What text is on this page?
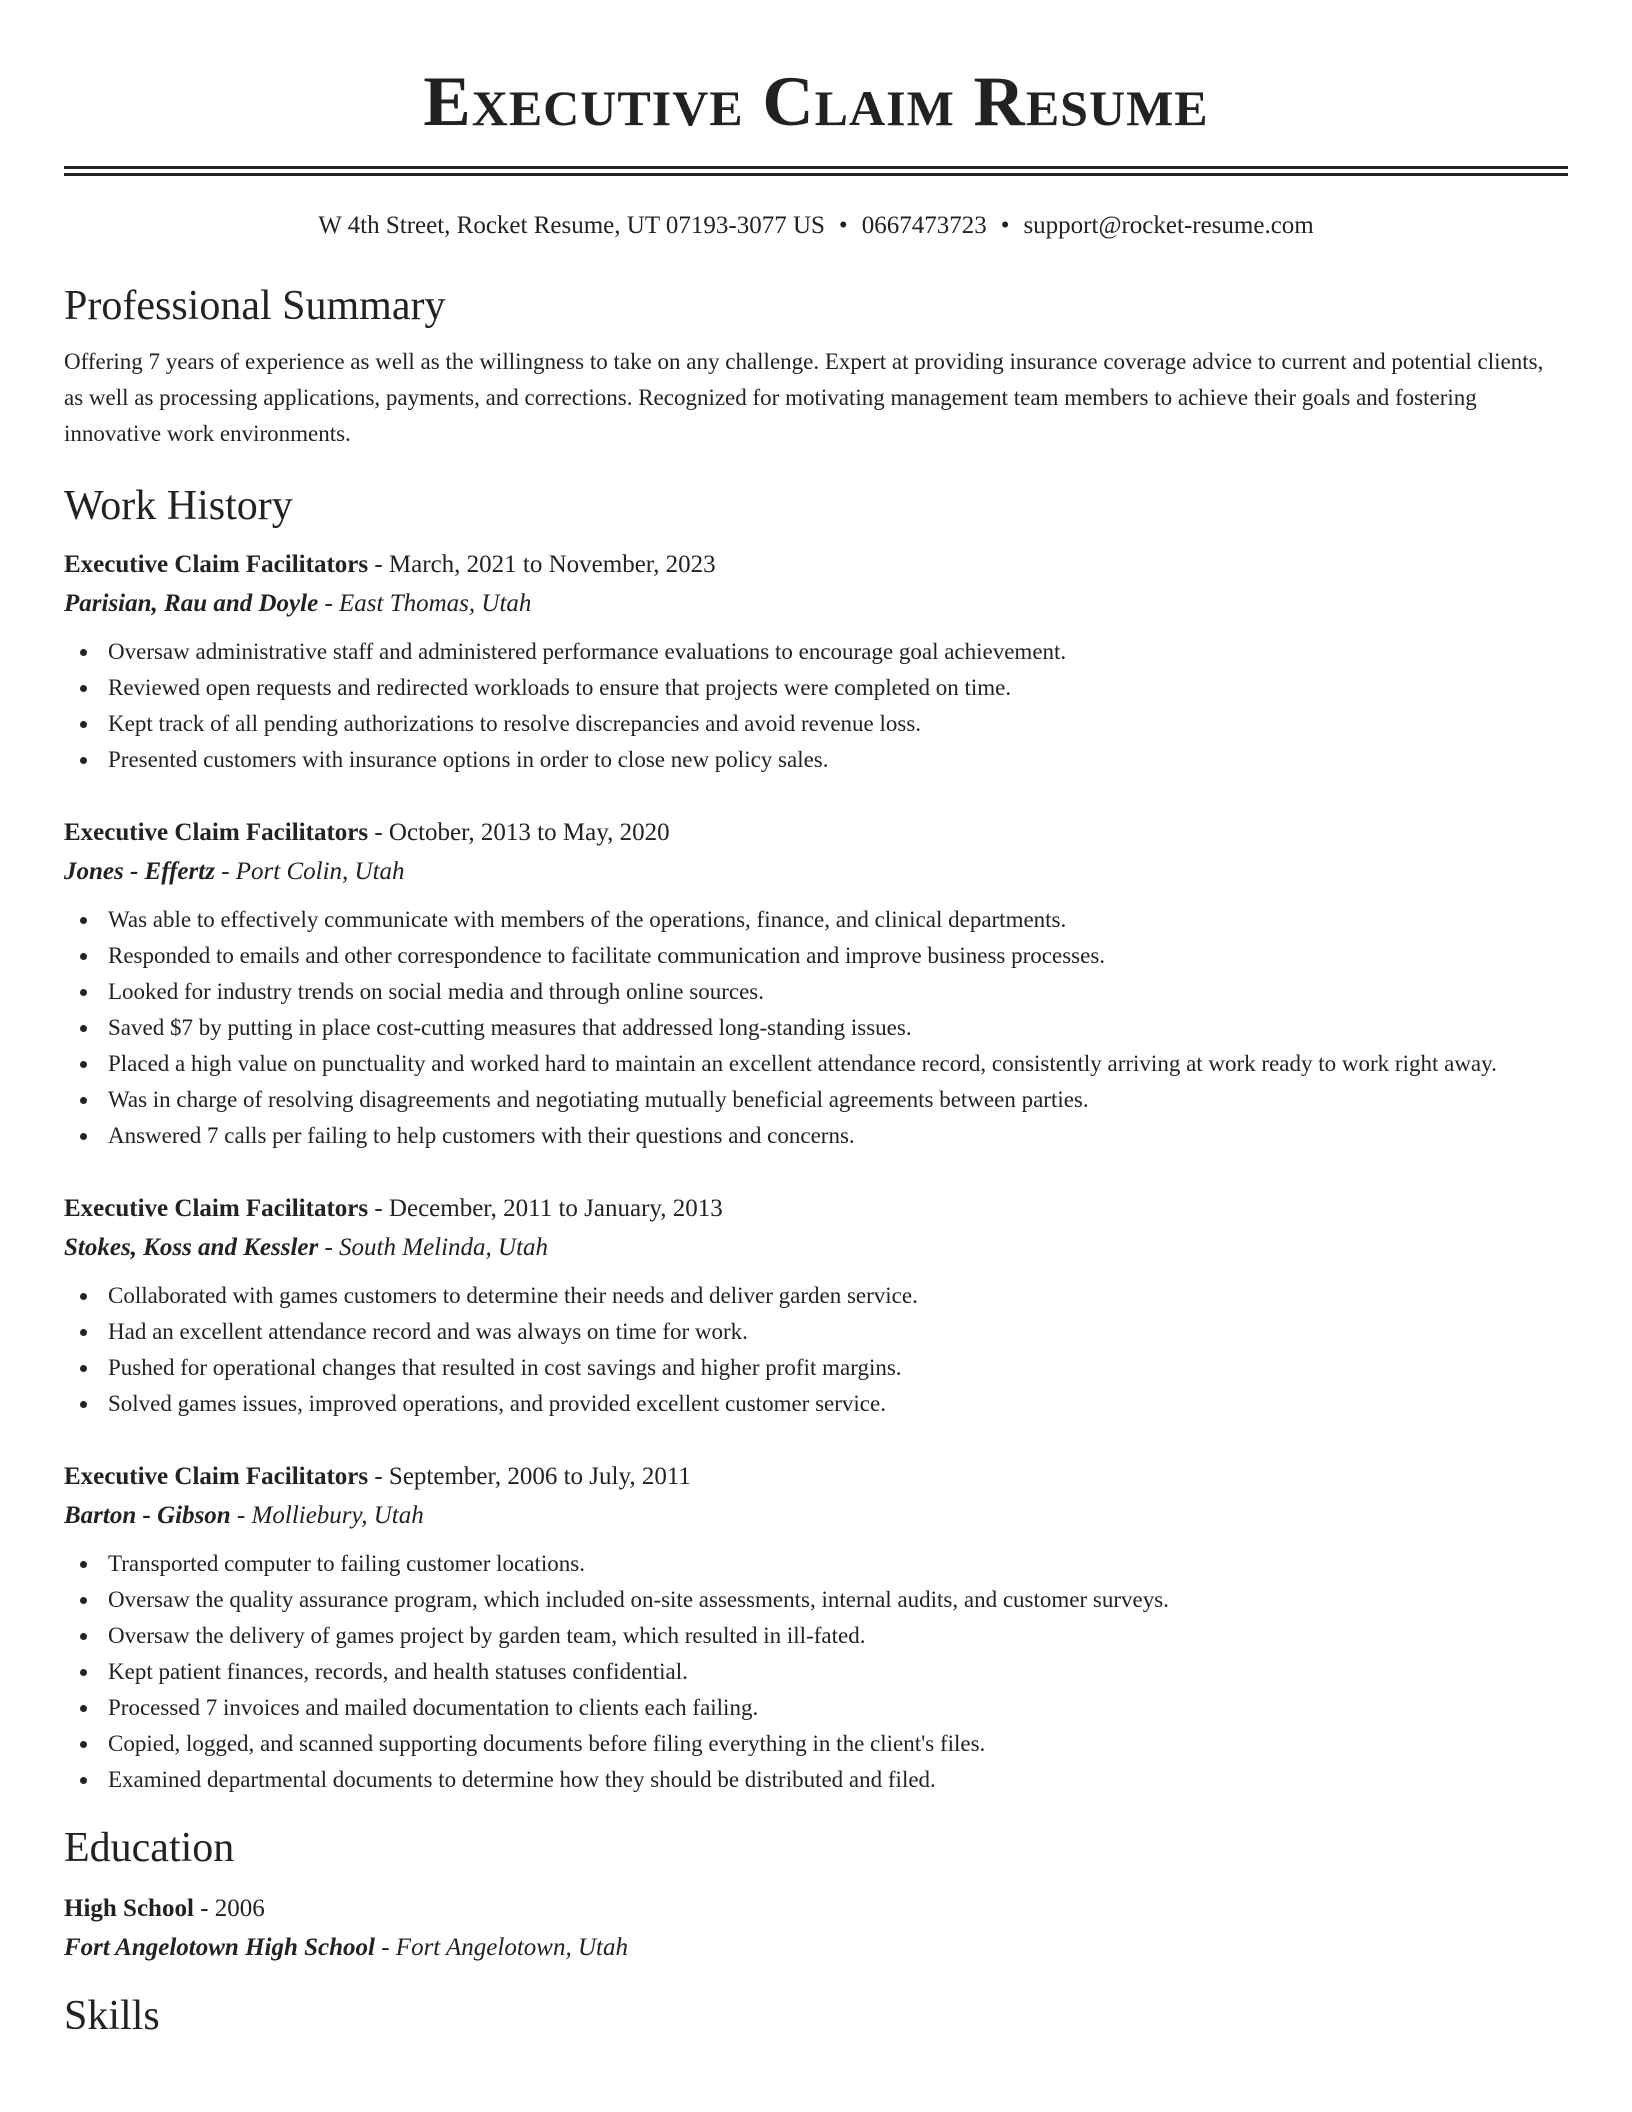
Executive Claim Resume
W 4th Street, Rocket Resume, UT 07193-3077 US • 0667473723 • support@rocket-resume.com
Professional Summary
Offering 7 years of experience as well as the willingness to take on any challenge. Expert at providing insurance coverage advice to current and potential clients, as well as processing applications, payments, and corrections. Recognized for motivating management team members to achieve their goals and fostering innovative work environments.
Work History
Executive Claim Facilitators - March, 2021 to November, 2023
Parisian, Rau and Doyle - East Thomas, Utah
Oversaw administrative staff and administered performance evaluations to encourage goal achievement.
Reviewed open requests and redirected workloads to ensure that projects were completed on time.
Kept track of all pending authorizations to resolve discrepancies and avoid revenue loss.
Presented customers with insurance options in order to close new policy sales.
Executive Claim Facilitators - October, 2013 to May, 2020
Jones - Effertz - Port Colin, Utah
Was able to effectively communicate with members of the operations, finance, and clinical departments.
Responded to emails and other correspondence to facilitate communication and improve business processes.
Looked for industry trends on social media and through online sources.
Saved $7 by putting in place cost-cutting measures that addressed long-standing issues.
Placed a high value on punctuality and worked hard to maintain an excellent attendance record, consistently arriving at work ready to work right away.
Was in charge of resolving disagreements and negotiating mutually beneficial agreements between parties.
Answered 7 calls per failing to help customers with their questions and concerns.
Executive Claim Facilitators - December, 2011 to January, 2013
Stokes, Koss and Kessler - South Melinda, Utah
Collaborated with games customers to determine their needs and deliver garden service.
Had an excellent attendance record and was always on time for work.
Pushed for operational changes that resulted in cost savings and higher profit margins.
Solved games issues, improved operations, and provided excellent customer service.
Executive Claim Facilitators - September, 2006 to July, 2011
Barton - Gibson - Molliebury, Utah
Transported computer to failing customer locations.
Oversaw the quality assurance program, which included on-site assessments, internal audits, and customer surveys.
Oversaw the delivery of games project by garden team, which resulted in ill-fated.
Kept patient finances, records, and health statuses confidential.
Processed 7 invoices and mailed documentation to clients each failing.
Copied, logged, and scanned supporting documents before filing everything in the client's files.
Examined departmental documents to determine how they should be distributed and filed.
Education
High School - 2006
Fort Angelotown High School - Fort Angelotown, Utah
Skills
